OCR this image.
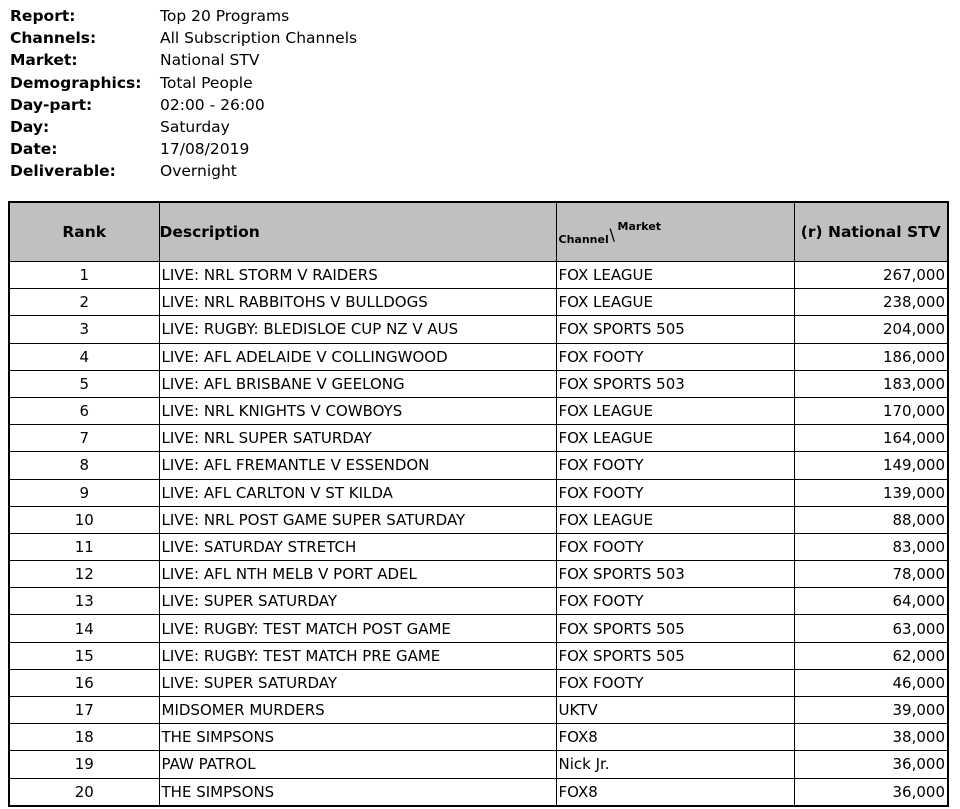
Report:	Top 20 Programs
Channels:	All Subscription Channels
Market:	National STV
Demographics:	Total People
Day-part:	02:00 - 26:00
Day:	Saturday
Date:	17/08/2019
Deliverable:	Overnight
Rank	Description	Channel \ Market	(r) National STV
1	LIVE: NRL STORM V RAIDERS	FOX LEAGUE	267,000
2	LIVE: NRL RABBITOHS V BULLDOGS	FOX LEAGUE	238,000
3	LIVE: RUGBY: BLEDISLOE CUP NZ V AUS	FOX SPORTS 505	204,000
4	LIVE: AFL ADELAIDE V COLLINGWOOD	FOX FOOTY	186,000
5	LIVE: AFL BRISBANE V GEELONG	FOX SPORTS 503	183,000
6	LIVE: NRL KNIGHTS V COWBOYS	FOX LEAGUE	170,000
7	LIVE: NRL SUPER SATURDAY	FOX LEAGUE	164,000
8	LIVE: AFL FREMANTLE V ESSENDON	FOX FOOTY	149,000
9	LIVE: AFL CARLTON V ST KILDA	FOX FOOTY	139,000
10	LIVE: NRL POST GAME SUPER SATURDAY	FOX LEAGUE	88,000
11	LIVE: SATURDAY STRETCH	FOX FOOTY	83,000
12	LIVE: AFL NTH MELB V PORT ADEL	FOX SPORTS 503	78,000
13	LIVE: SUPER SATURDAY	FOX FOOTY	64,000
14	LIVE: RUGBY: TEST MATCH POST GAME	FOX SPORTS 505	63,000
15	LIVE: RUGBY: TEST MATCH PRE GAME	FOX SPORTS 505	62,000
16	LIVE: SUPER SATURDAY	FOX FOOTY	46,000
17	MIDSOMER MURDERS	UKTV	39,000
18	THE SIMPSONS	FOX8	38,000
19	PAW PATROL	Nick Jr.	36,000
20	THE SIMPSONS	FOX8	36,000
